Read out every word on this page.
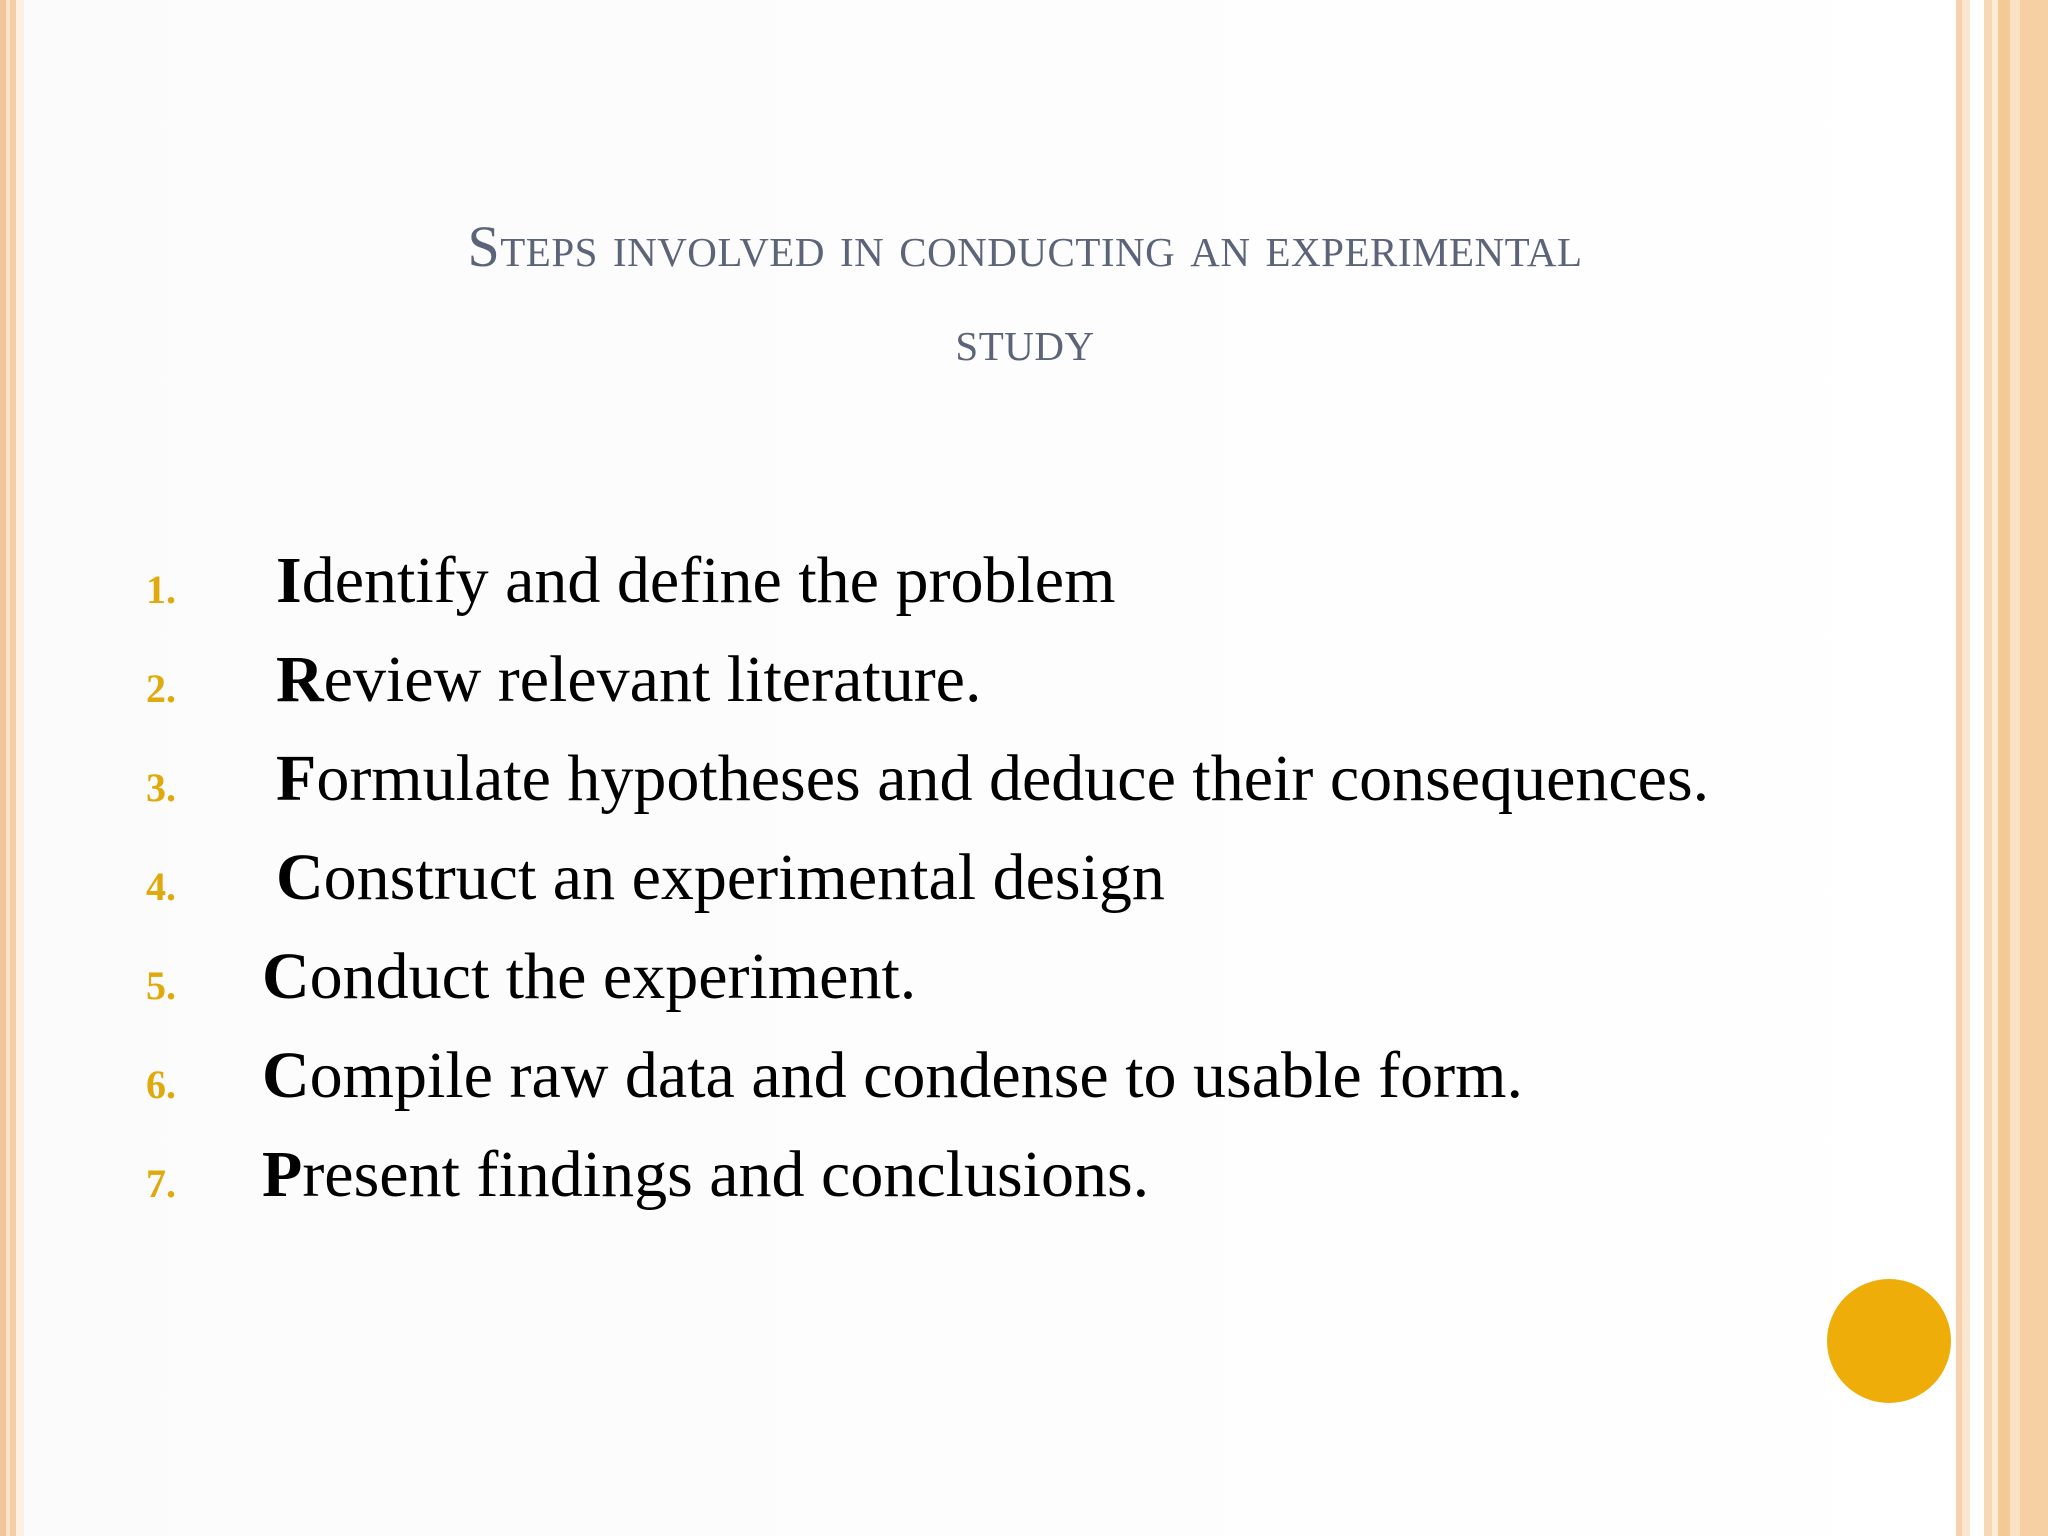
Steps involved in conducting an experimental
study
1. Identify and define the problem
2. Review relevant literature.
3. Formulate hypotheses and deduce their consequences.
4. Construct an experimental design
5. Conduct the experiment.
6. Compile raw data and condense to usable form.
7. Present findings and conclusions.
